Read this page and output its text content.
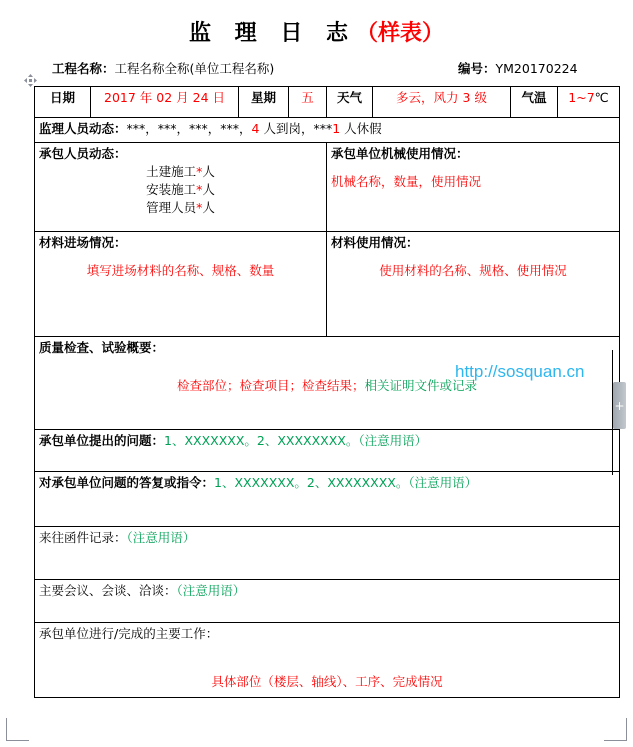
监 理 日 志（样表）
工程名称：工程名称全称(单位工程名称)	编号：YM20170224
日期	2017 年 02 月 24 日	星期	五	天气	多云，风力 3 级	气温	1~7℃
监理人员动态：***，***，***，***，4 人到岗，***1 人休假							

承包人员动态：
土建施工*人
安装施工*人
管理人员*人

承包单位机械使用情况：
机械名称，数量，使用情况

材料进场情况：
填写进场材料的名称、规格、数量

材料使用情况：
使用材料的名称、规格、使用情况

质量检查、试验概要：
检查部位；检查项目；检查结果；相关证明文件或记录							

承包单位提出的问题：1、XXXXXXX。2、XXXXXXXX。（注意用语）							
对承包单位问题的答复或指令：1、XXXXXXX。2、XXXXXXXX。（注意用语）							
来往函件记录：（注意用语）							
主要会议、会谈、洽谈：（注意用语）							

承包单位进行/完成的主要工作：
具体部位（楼层、轴线）、工序、完成情况							
http://sosquan.cn
+
